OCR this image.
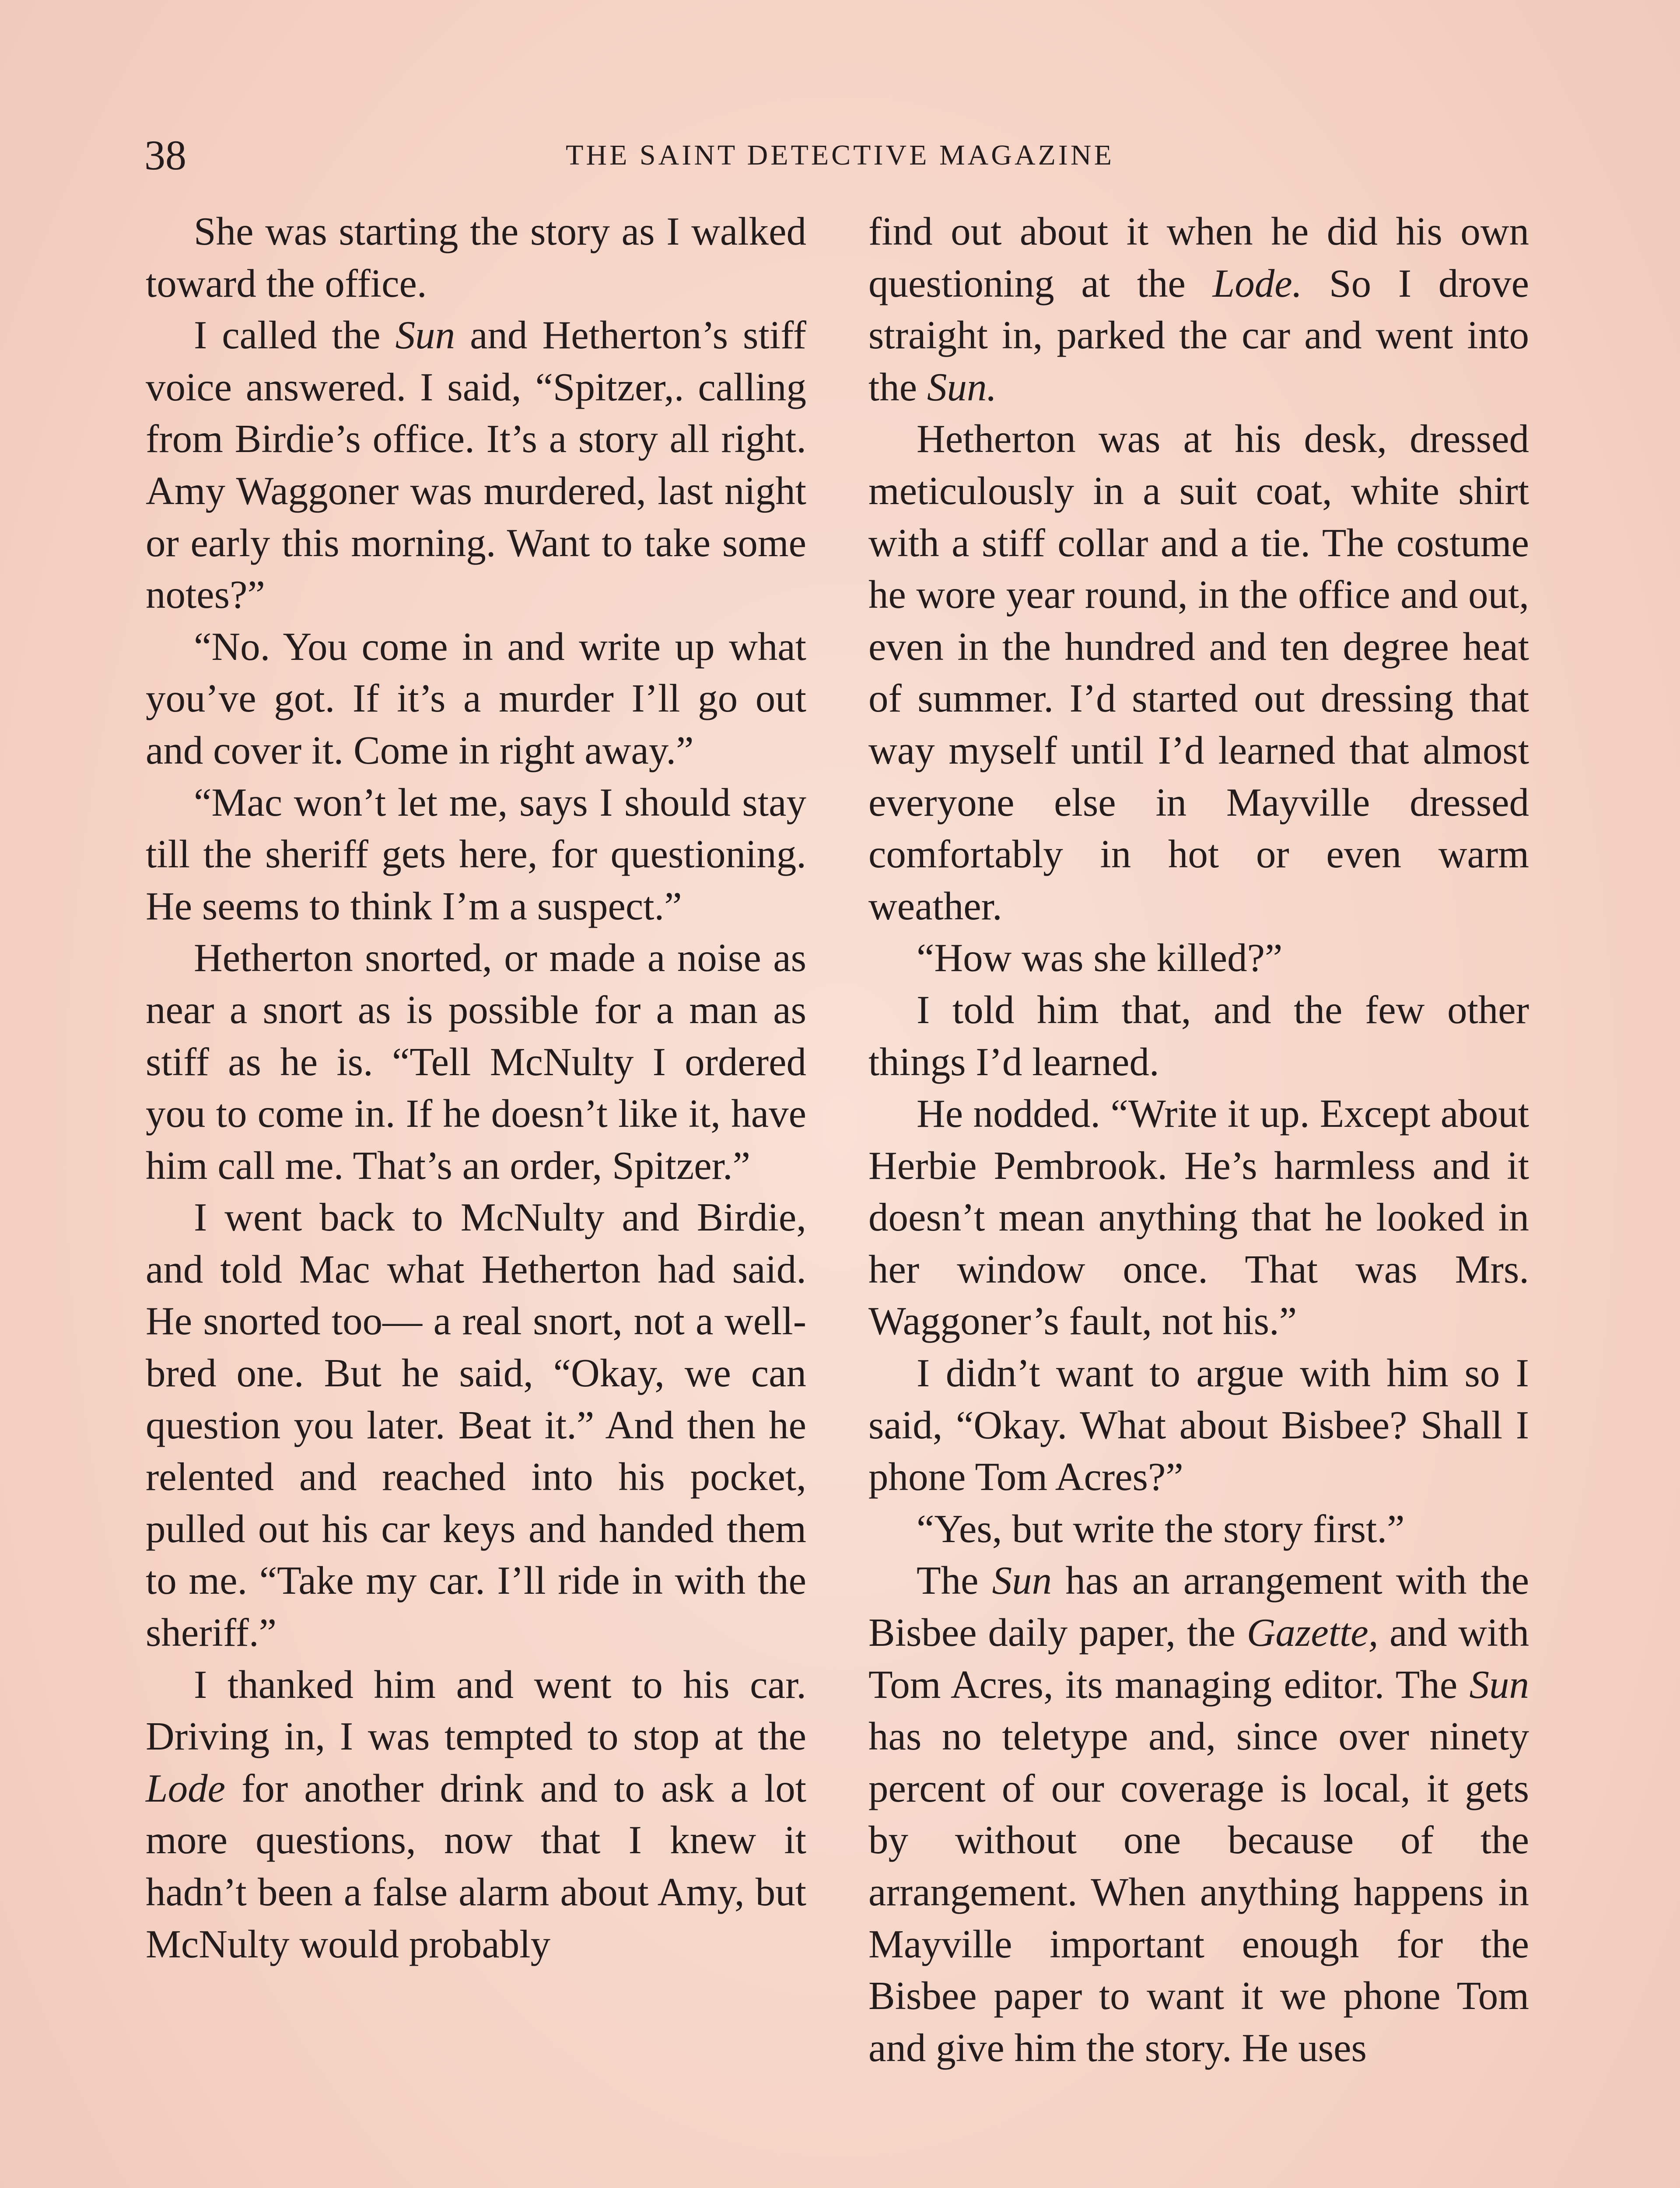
38	THE SAINT DETECTIVE MAGAZINE

She was starting the story as I walked toward the office.

I called the Sun and Hetherton’s stiff voice answered. I said, “Spitzer,. calling from Birdie’s office. It’s a story all right. Amy Waggoner was murdered, last night or early this morning. Want to take some notes?”

“No. You come in and write up what you’ve got. If it’s a murder I’ll go out and cover it. Come in right away.”

“Mac won’t let me, says I should stay till the sheriff gets here, for questioning. He seems to think I’m a suspect.”

Hetherton snorted, or made a noise as near a snort as is possible for a man as stiff as he is. “Tell McNulty I ordered you to come in. If he doesn’t like it, have him call me. That’s an order, Spitzer.”

I went back to McNulty and Birdie, and told Mac what Hetherton had said. He snorted too— a real snort, not a well-bred one. But he said, “Okay, we can question you later. Beat it.” And then he relented and reached into his pocket, pulled out his car keys and handed them to me. “Take my car. I’ll ride in with the sheriff.”

I thanked him and went to his car. Driving in, I was tempted to stop at the Lode for another drink and to ask a lot more questions, now that I knew it hadn’t been a false alarm about Amy, but McNulty would probably

find out about it when he did his own questioning at the Lode. So I drove straight in, parked the car and went into the Sun.

Hetherton was at his desk, dressed meticulously in a suit coat, white shirt with a stiff collar and a tie. The costume he wore year round, in the office and out, even in the hundred and ten degree heat of summer. I’d started out dressing that way myself until I’d learned that almost everyone else in Mayville dressed comfortably in hot or even warm weather.

“How was she killed?”

I told him that, and the few other things I’d learned.

He nodded. “Write it up. Except about Herbie Pembrook. He’s harmless and it doesn’t mean anything that he looked in her window once. That was Mrs. Waggoner’s fault, not his.”

I didn’t want to argue with him so I said, “Okay. What about Bisbee? Shall I phone Tom Acres?”

“Yes, but write the story first.”

The Sun has an arrangement with the Bisbee daily paper, the Gazette, and with Tom Acres, its managing editor. The Sun has no teletype and, since over ninety percent of our coverage is local, it gets by without one because of the arrangement. When anything happens in Mayville important enough for the Bisbee paper to want it we phone Tom and give him the story. He uses
